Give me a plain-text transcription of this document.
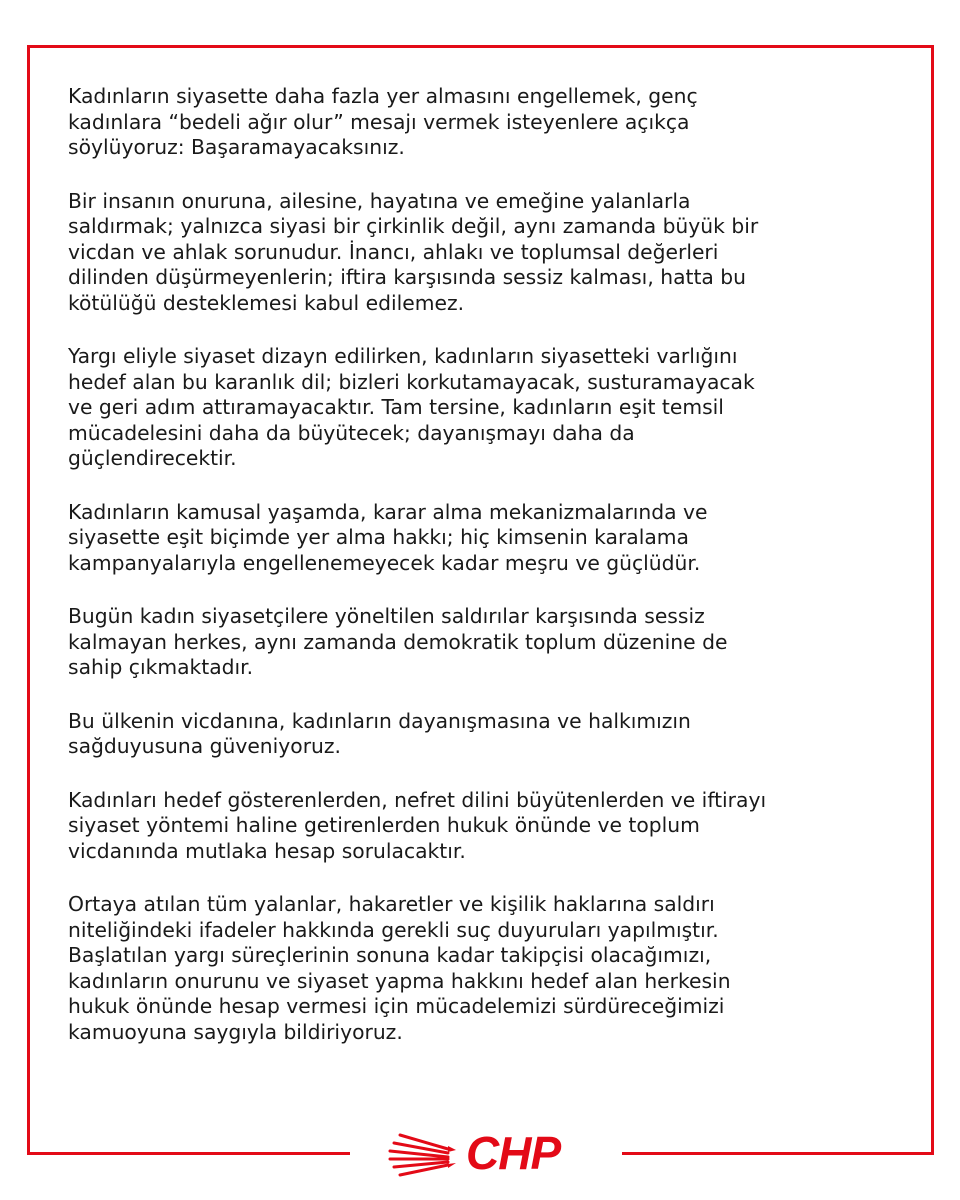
Kadınların siyasette daha fazla yer almasını engellemek, genç
kadınlara “bedeli ağır olur” mesajı vermek isteyenlere açıkça
söylüyoruz: Başaramayacaksınız.

Bir insanın onuruna, ailesine, hayatına ve emeğine yalanlarla
saldırmak; yalnızca siyasi bir çirkinlik değil, aynı zamanda büyük bir
vicdan ve ahlak sorunudur. İnancı, ahlakı ve toplumsal değerleri
dilinden düşürmeyenlerin; iftira karşısında sessiz kalması, hatta bu
kötülüğü desteklemesi kabul edilemez.

Yargı eliyle siyaset dizayn edilirken, kadınların siyasetteki varlığını
hedef alan bu karanlık dil; bizleri korkutamayacak, susturamayacak
ve geri adım attıramayacaktır. Tam tersine, kadınların eşit temsil
mücadelesini daha da büyütecek; dayanışmayı daha da
güçlendirecektir.

Kadınların kamusal yaşamda, karar alma mekanizmalarında ve
siyasette eşit biçimde yer alma hakkı; hiç kimsenin karalama
kampanyalarıyla engellenemeyecek kadar meşru ve güçlüdür.

Bugün kadın siyasetçilere yöneltilen saldırılar karşısında sessiz
kalmayan herkes, aynı zamanda demokratik toplum düzenine de
sahip çıkmaktadır.

Bu ülkenin vicdanına, kadınların dayanışmasına ve halkımızın
sağduyusuna güveniyoruz.

Kadınları hedef gösterenlerden, nefret dilini büyütenlerden ve iftirayı
siyaset yöntemi haline getirenlerden hukuk önünde ve toplum
vicdanında mutlaka hesap sorulacaktır.

Ortaya atılan tüm yalanlar, hakaretler ve kişilik haklarına saldırı
niteliğindeki ifadeler hakkında gerekli suç duyuruları yapılmıştır.
Başlatılan yargı süreçlerinin sonuna kadar takipçisi olacağımızı,
kadınların onurunu ve siyaset yapma hakkını hedef alan herkesin
hukuk önünde hesap vermesi için mücadelemizi sürdüreceğimizi
kamuoyuna saygıyla bildiriyoruz.

CHP
